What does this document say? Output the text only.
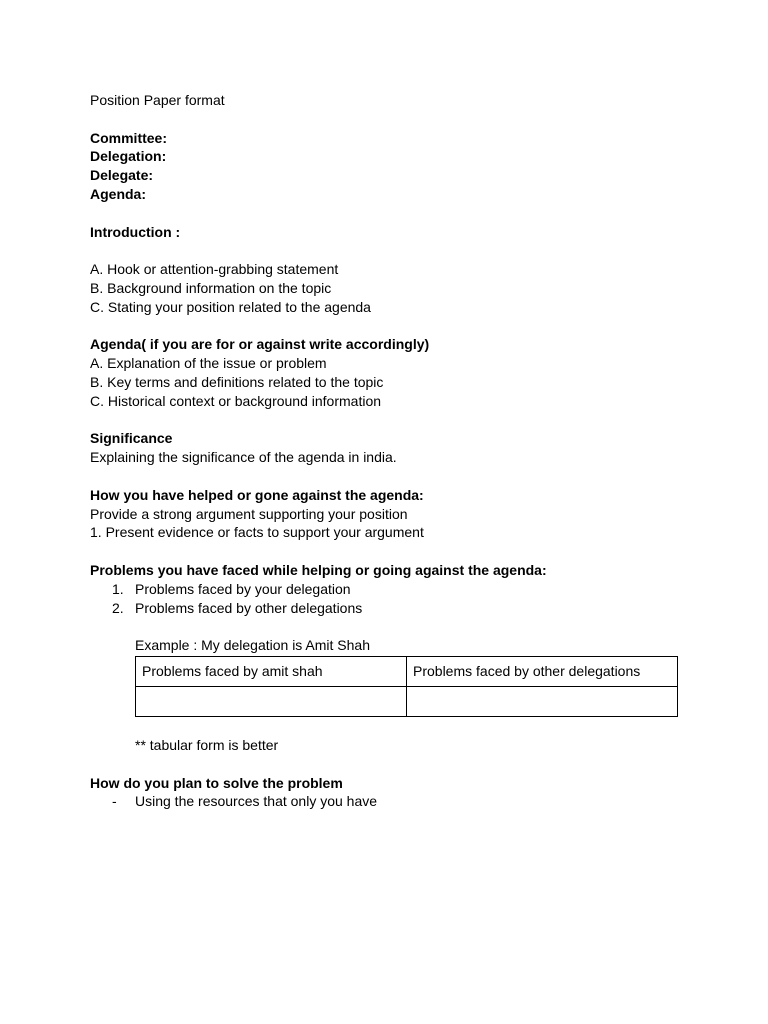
Position Paper format
Committee:
Delegation:
Delegate:
Agenda:
Introduction :
A. Hook or attention-grabbing statement
B. Background information on the topic
C. Stating your position related to the agenda
Agenda( if you are for or against write accordingly)
A. Explanation of the issue or problem
B. Key terms and definitions related to the topic
C. Historical context or background information
Significance
Explaining the significance of the agenda in india.
How you have helped or gone against the agenda:
Provide a strong argument supporting your position
1. Present evidence or facts to support your argument
Problems you have faced while helping or going against the agenda:
1. Problems faced by your delegation
2. Problems faced by other delegations
Example : My delegation is Amit Shah
Problems faced by amit shah	Problems faced by other delegations

** tabular form is better
How do you plan to solve the problem
- Using the resources that only you have
